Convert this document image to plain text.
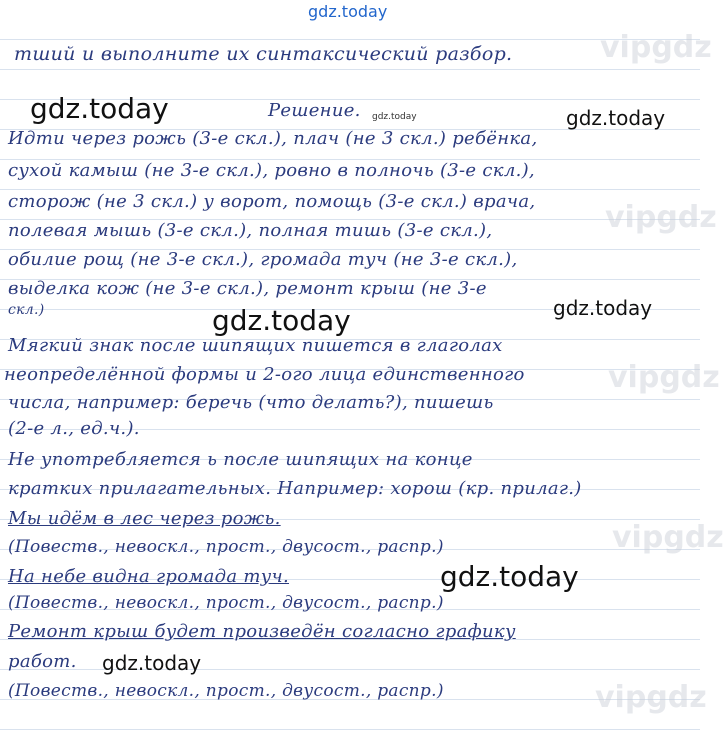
vipgdz
vipgdz
vipgdz
vipgdz
vipgdz
тший и выполните их синтаксический разбор.
Решение.
Идти через рожь (3-е скл.), плач (не 3 скл.) ребёнка,
сухой камыш (не 3-е скл.), ровно в полночь (3-е скл.),
сторож (не 3 скл.) у ворот, помощь (3-е скл.) врача,
полевая мышь (3-е скл.), полная тишь (3-е скл.),
обилие рощ (не 3-е скл.), громада туч (не 3-е скл.),
выделка кож (не 3-е скл.), ремонт крыш (не 3-е
скл.)
Мягкий знак после шипящих пишется в глаголах
неопределённой формы и 2-ого лица единственного
числа, например: беречь (что делать?), пишешь
(2-е л., ед.ч.).
Не употребляется ь после шипящих на конце
кратких прилагательных. Например: хорош (кр. прилаг.)
Мы идём в лес через рожь.
(Повеств., невоскл., прост., двусост., распр.)
На небе видна громада туч.
(Повеств., невоскл., прост., двусост., распр.)
Ремонт крыш будет произведён согласно графику
работ.
(Повеств., невоскл., прост., двусост., распр.)
gdz.today
gdz.today	gdz.today	gdz.today
gdz.today
gdz.today
gdz.today
gdz.today
